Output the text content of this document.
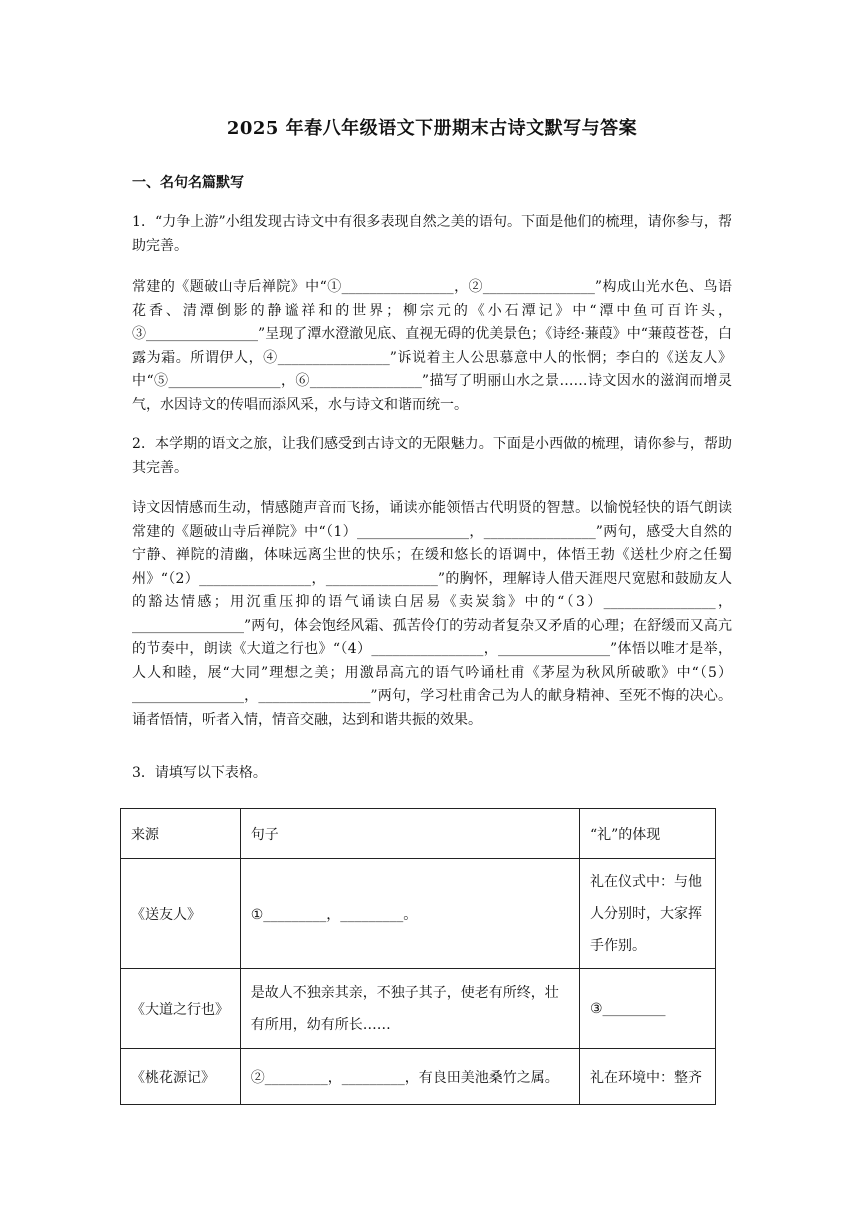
2025 年春八年级语文下册期末古诗文默写与答案
一、名句名篇默写

1．“力争上游”小组发现古诗文中有很多表现自然之美的语句。下面是他们的梳理，请你参与，帮助完善。

常建的《题破山寺后禅院》中“①________________，②________________”构成山光水色、鸟语花香、清潭倒影的静谧祥和的世界；柳宗元的《小石潭记》中“潭中鱼可百许头，③________________”呈现了潭水澄澈见底、直视无碍的优美景色；《诗经·蒹葭》中“蒹葭苍苍，白露为霜。所谓伊人，④________________”诉说着主人公思慕意中人的怅惘；李白的《送友人》中“⑤________________，⑥________________”描写了明丽山水之景……诗文因水的滋润而增灵气，水因诗文的传唱而添风采，水与诗文和谐而统一。

2．本学期的语文之旅，让我们感受到古诗文的无限魅力。下面是小西做的梳理，请你参与，帮助其完善。

诗文因情感而生动，情感随声音而飞扬，诵读亦能领悟古代明贤的智慧。以愉悦轻快的语气朗读常建的《题破山寺后禅院》中“（1）________________，________________”两句，感受大自然的宁静、禅院的清幽，体味远离尘世的快乐；在缓和悠长的语调中，体悟王勃《送杜少府之任蜀州》“（2）________________，________________”的胸怀，理解诗人借天涯咫尺宽慰和鼓励友人的豁达情感；用沉重压抑的语气诵读白居易《卖炭翁》中的“（3）________________，________________”两句，体会饱经风霜、孤苦伶仃的劳动者复杂又矛盾的心理；在舒缓而又高亢的节奏中，朗读《大道之行也》“（4）________________，________________”体悟以唯才是举，人人和睦，展“大同”理想之美；用激昂高亢的语气吟诵杜甫《茅屋为秋风所破歌》中“（5）________________，________________”两句，学习杜甫舍己为人的献身精神、至死不悔的决心。诵者悟情，听者入情，情音交融，达到和谐共振的效果。

3．请填写以下表格。

来源	句子	“礼”的体现
《送友人》	①_________，_________。	礼在仪式中：与他人分别时，大家挥手作别。
《大道之行也》	是故人不独亲其亲，不独子其子，使老有所终，壮有所用，幼有所长……	③_________
《桃花源记》	②_________，_________，有良田美池桑竹之属。	礼在环境中：整齐
